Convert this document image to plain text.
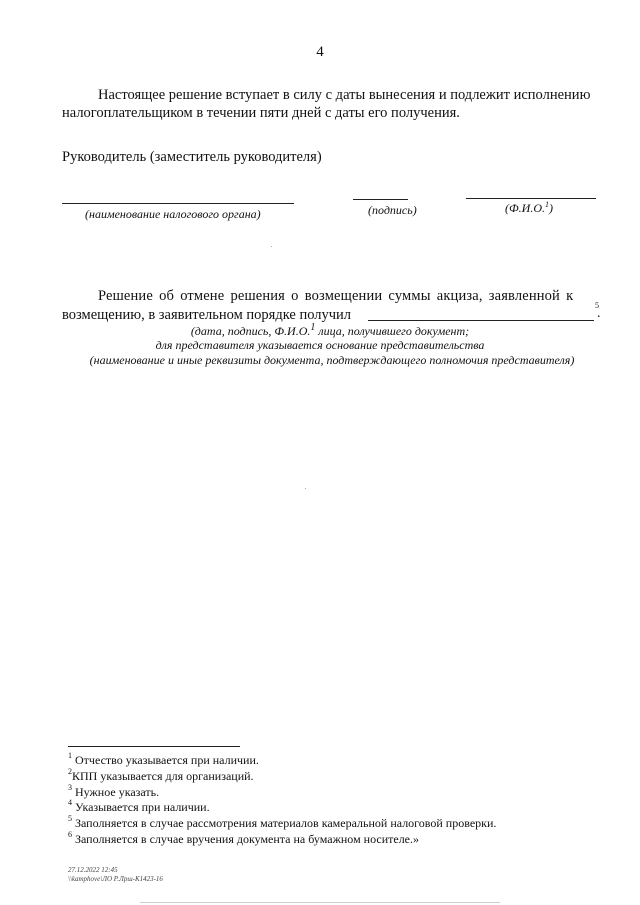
4
Настоящее решение вступает в силу с даты вынесения и подлежит исполнению
налогоплательщиком в течении пяти дней с даты его получения.
Руководитель (заместитель руководителя)
(наименование налогового органа)	(подпись)	(Ф.И.О.$^1$)
Решение об отмене решения о возмещении суммы акциза, заявленной к
возмещению, в заявительном порядке получил
5
.
(дата, подпись, Ф.И.О.$^1$ лица, получившего документ;
для представителя указывается основание представительства
(наименование и иные реквизиты документа, подтверждающего полномочия представителя)
$^1$ Отчество указывается при наличии.
$^2$КПП указывается для организаций.
$^3$ Нужное указать.
$^4$ Указывается при наличии.
$^5$ Заполняется в случае рассмотрения материалов камеральной налоговой проверки.
$^6$ Заполняется в случае вручения документа на бумажном носителе.»
27.12.2022 12:45
\\kamphove\ЛО Р.Лрш-К1423-16
